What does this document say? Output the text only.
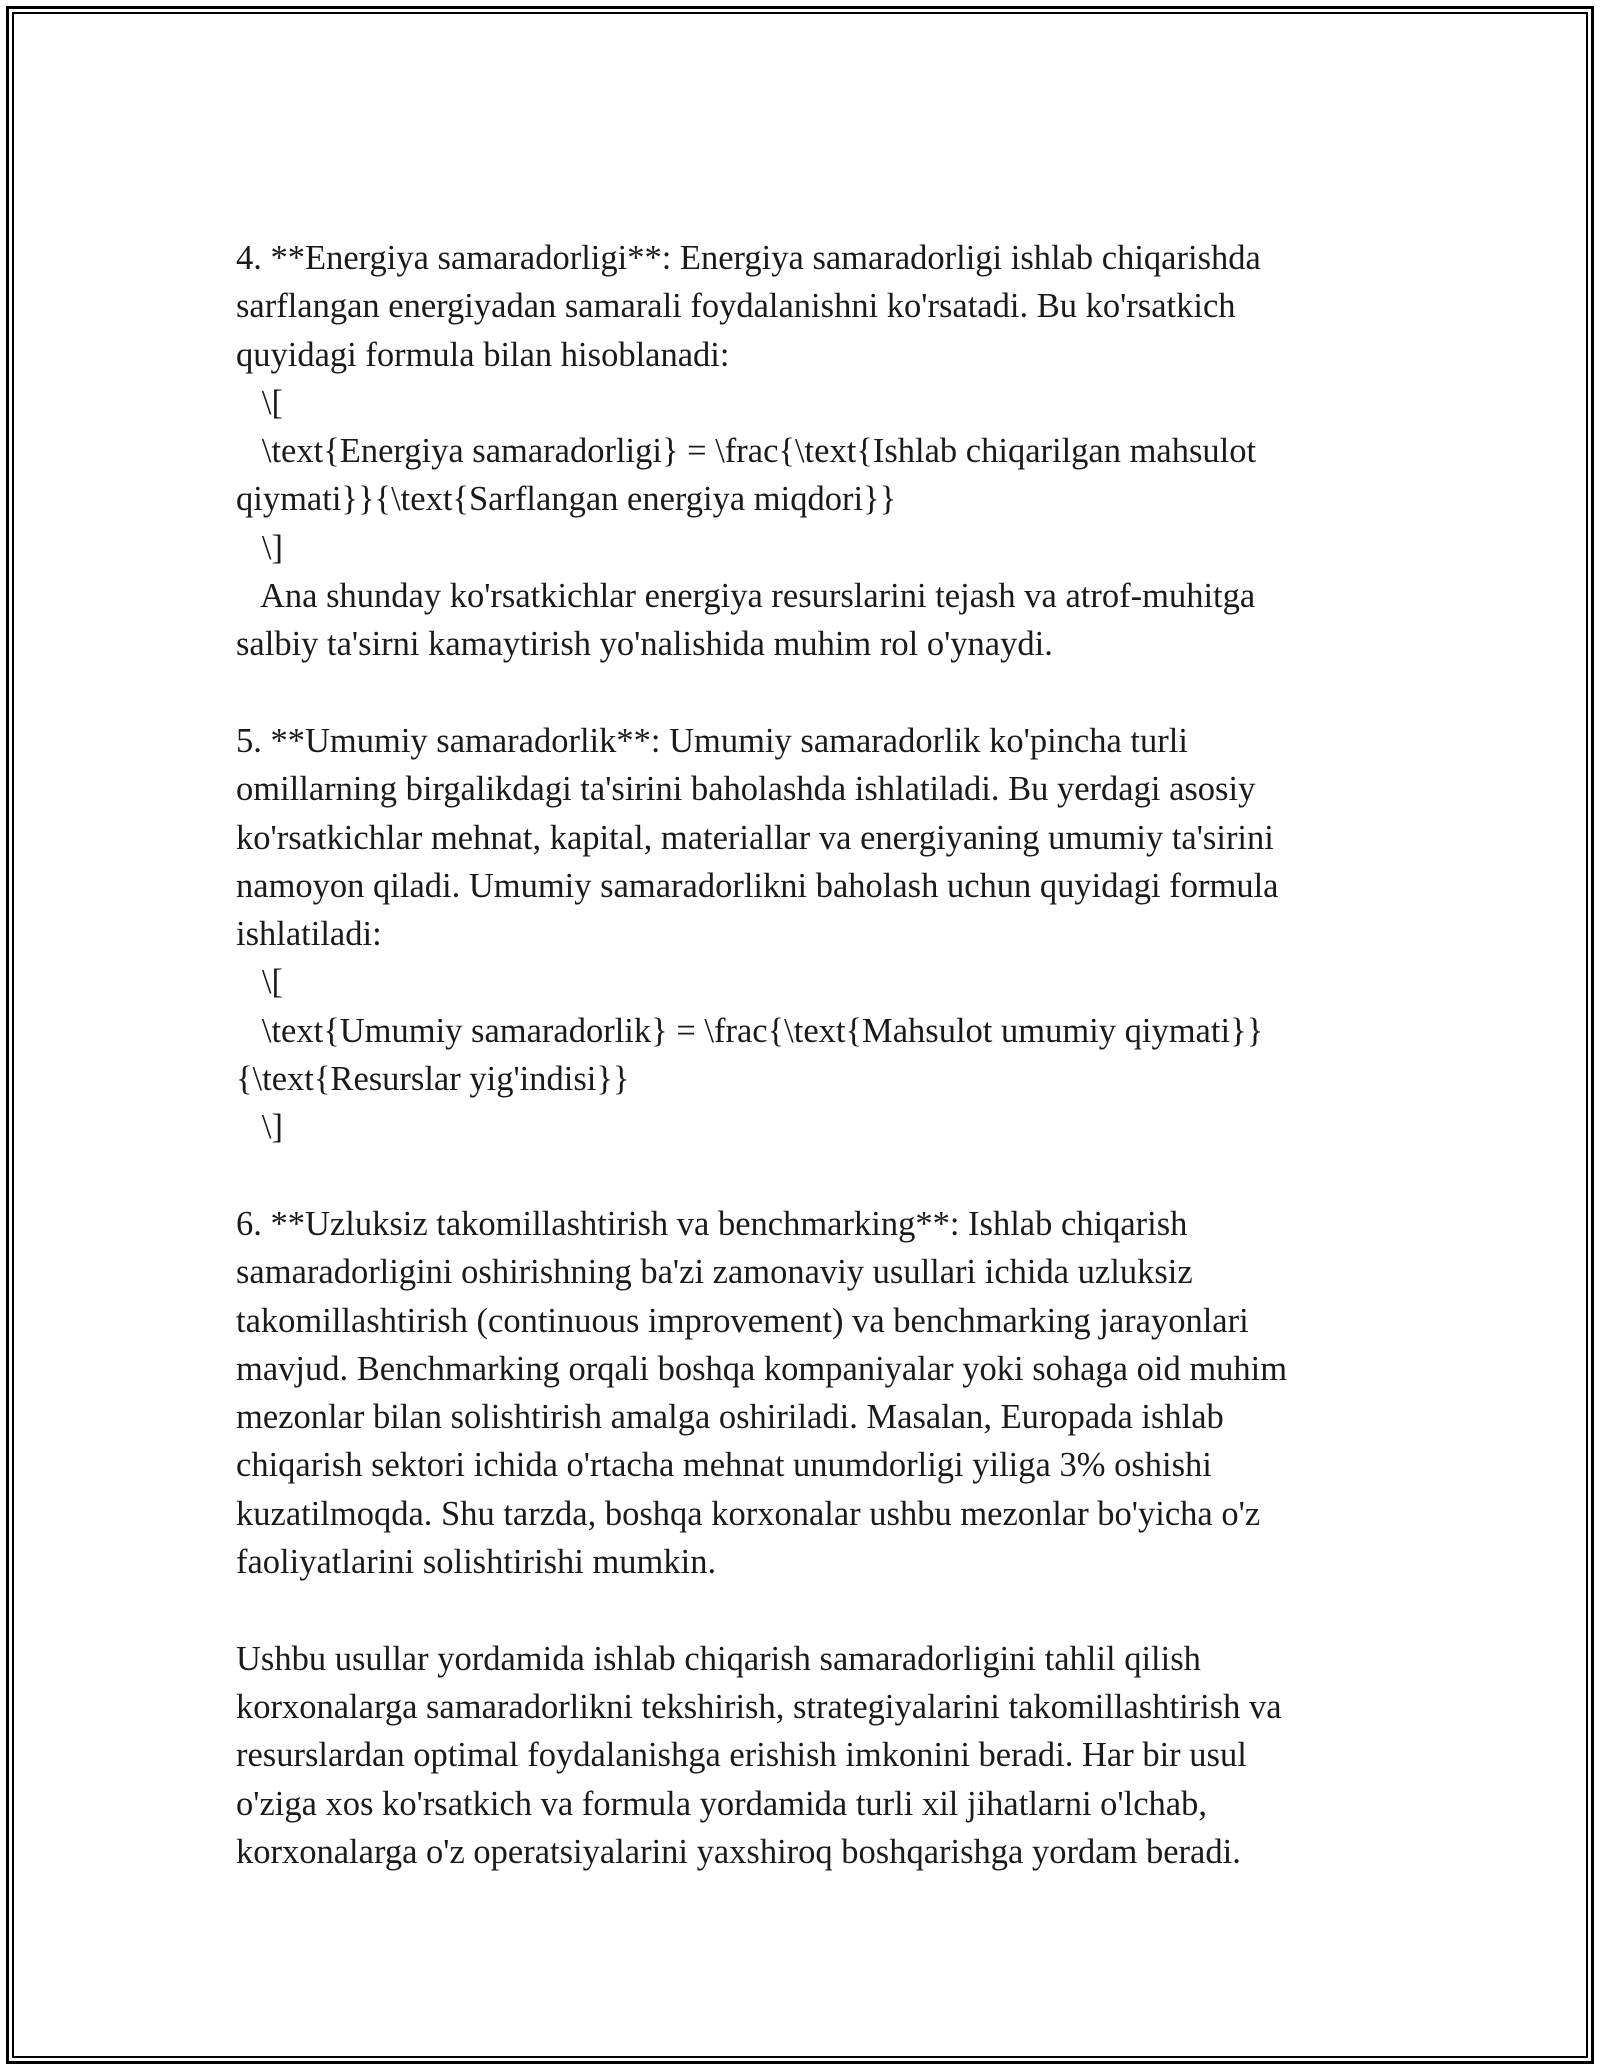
4. **Energiya samaradorligi**: Energiya samaradorligi ishlab chiqarishda
sarflangan energiyadan samarali foydalanishni ko'rsatadi. Bu ko'rsatkich
quyidagi formula bilan hisoblanadi:
\[
\text{Energiya samaradorligi} = \frac{\text{Ishlab chiqarilgan mahsulot
qiymati}}{\text{Sarflangan energiya miqdori}}
\]
Ana shunday ko'rsatkichlar energiya resurslarini tejash va atrof-muhitga
salbiy ta'sirni kamaytirish yo'nalishida muhim rol o'ynaydi.
5. **Umumiy samaradorlik**: Umumiy samaradorlik ko'pincha turli
omillarning birgalikdagi ta'sirini baholashda ishlatiladi. Bu yerdagi asosiy
ko'rsatkichlar mehnat, kapital, materiallar va energiyaning umumiy ta'sirini
namoyon qiladi. Umumiy samaradorlikni baholash uchun quyidagi formula
ishlatiladi:
\[
\text{Umumiy samaradorlik} = \frac{\text{Mahsulot umumiy qiymati}}
{\text{Resurslar yig'indisi}}
\]
6. **Uzluksiz takomillashtirish va benchmarking**: Ishlab chiqarish
samaradorligini oshirishning ba'zi zamonaviy usullari ichida uzluksiz
takomillashtirish (continuous improvement) va benchmarking jarayonlari
mavjud. Benchmarking orqali boshqa kompaniyalar yoki sohaga oid muhim
mezonlar bilan solishtirish amalga oshiriladi. Masalan, Europada ishlab
chiqarish sektori ichida o'rtacha mehnat unumdorligi yiliga 3% oshishi
kuzatilmoqda. Shu tarzda, boshqa korxonalar ushbu mezonlar bo'yicha o'z
faoliyatlarini solishtirishi mumkin.
Ushbu usullar yordamida ishlab chiqarish samaradorligini tahlil qilish
korxonalarga samaradorlikni tekshirish, strategiyalarini takomillashtirish va
resurslardan optimal foydalanishga erishish imkonini beradi. Har bir usul
o'ziga xos ko'rsatkich va formula yordamida turli xil jihatlarni o'lchab,
korxonalarga o'z operatsiyalarini yaxshiroq boshqarishga yordam beradi.
